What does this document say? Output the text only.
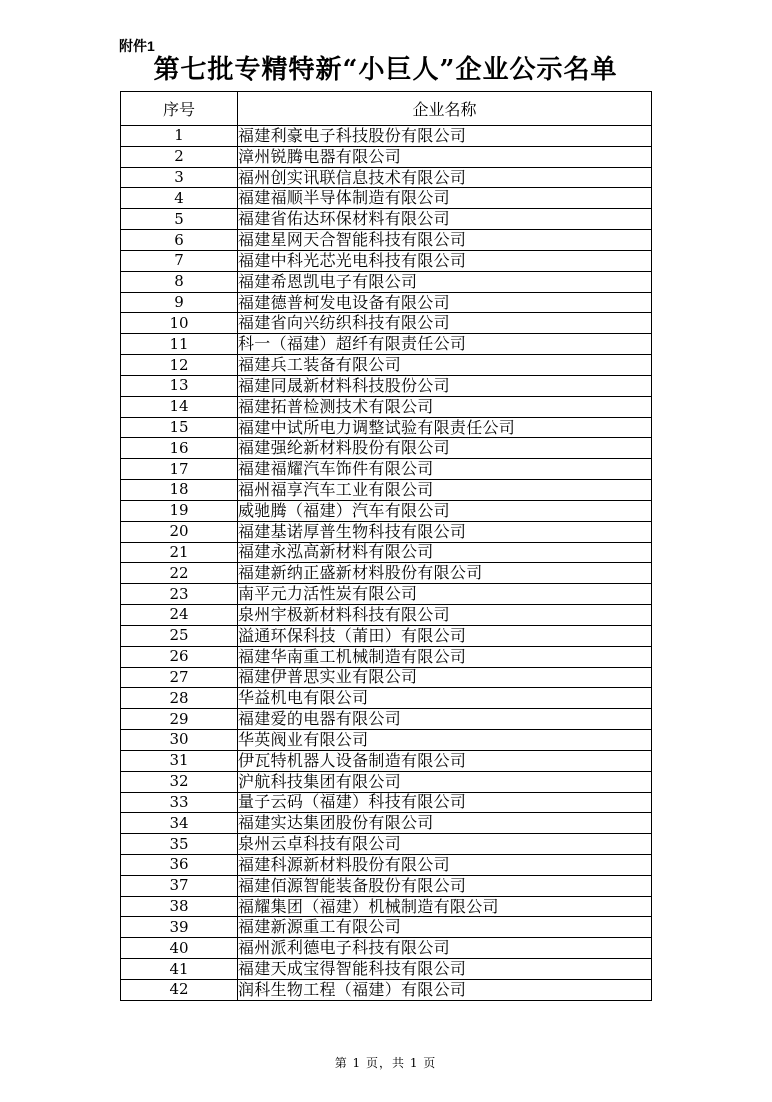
附件1
第七批专精特新“小巨人”企业公示名单
序号	企业名称
1	福建利豪电子科技股份有限公司
2	漳州锐腾电器有限公司
3	福州创实讯联信息技术有限公司
4	福建福顺半导体制造有限公司
5	福建省佑达环保材料有限公司
6	福建星网天合智能科技有限公司
7	福建中科光芯光电科技有限公司
8	福建希恩凯电子有限公司
9	福建德普柯发电设备有限公司
10	福建省向兴纺织科技有限公司
11	科一（福建）超纤有限责任公司
12	福建兵工装备有限公司
13	福建同晟新材料科技股份公司
14	福建拓普检测技术有限公司
15	福建中试所电力调整试验有限责任公司
16	福建强纶新材料股份有限公司
17	福建福耀汽车饰件有限公司
18	福州福享汽车工业有限公司
19	威驰腾（福建）汽车有限公司
20	福建基诺厚普生物科技有限公司
21	福建永泓高新材料有限公司
22	福建新纳正盛新材料股份有限公司
23	南平元力活性炭有限公司
24	泉州宇极新材料科技有限公司
25	溢通环保科技（莆田）有限公司
26	福建华南重工机械制造有限公司
27	福建伊普思实业有限公司
28	华益机电有限公司
29	福建爱的电器有限公司
30	华英阀业有限公司
31	伊瓦特机器人设备制造有限公司
32	沪航科技集团有限公司
33	量子云码（福建）科技有限公司
34	福建实达集团股份有限公司
35	泉州云卓科技有限公司
36	福建科源新材料股份有限公司
37	福建佰源智能装备股份有限公司
38	福耀集团（福建）机械制造有限公司
39	福建新源重工有限公司
40	福州派利德电子科技有限公司
41	福建天成宝得智能科技有限公司
42	润科生物工程（福建）有限公司
第 1 页，共 1 页
